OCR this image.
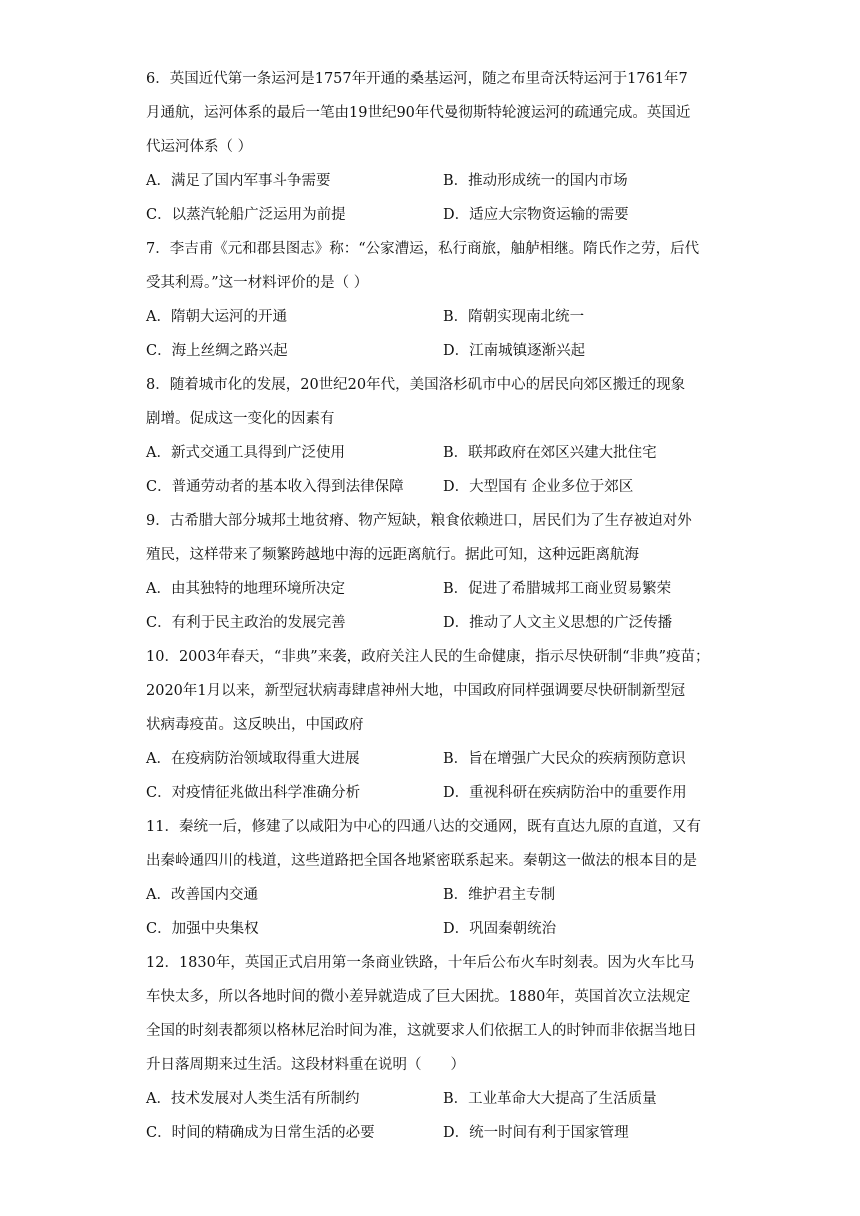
6．英国近代第一条运河是1757年开通的桑基运河，随之布里奇沃特运河于1761年7
月通航，运河体系的最后一笔由19世纪90年代曼彻斯特轮渡运河的疏通完成。英国近
代运河体系（ ）
A．满足了国内军事斗争需要	B．推动形成统一的国内市场
C．以蒸汽轮船广泛运用为前提	D．适应大宗物资运输的需要
7．李吉甫《元和郡县图志》称：“公家漕运，私行商旅，舳舻相继。隋氏作之劳，后代
受其利焉。”这一材料评价的是（ ）
A．隋朝大运河的开通	B．隋朝实现南北统一
C．海上丝绸之路兴起	D．江南城镇逐渐兴起
8．随着城市化的发展，20世纪20年代，美国洛杉矶市中心的居民向郊区搬迁的现象
剧增。促成这一变化的因素有
A．新式交通工具得到广泛使用	B．联邦政府在郊区兴建大批住宅
C．普通劳动者的基本收入得到法律保障	D．大型国有 企业多位于郊区
9．古希腊大部分城邦土地贫瘠、物产短缺，粮食依赖进口，居民们为了生存被迫对外
殖民，这样带来了频繁跨越地中海的远距离航行。据此可知，这种远距离航海
A．由其独特的地理环境所决定	B．促进了希腊城邦工商业贸易繁荣
C．有利于民主政治的发展完善	D．推动了人文主义思想的广泛传播
10．2003年春天，“非典”来袭，政府关注人民的生命健康，指示尽快研制“非典”疫苗；
2020年1月以来，新型冠状病毒肆虐神州大地，中国政府同样强调要尽快研制新型冠
状病毒疫苗。这反映出，中国政府
A．在疫病防治领域取得重大进展	B．旨在增强广大民众的疾病预防意识
C．对疫情征兆做出科学准确分析	D．重视科研在疾病防治中的重要作用
11．秦统一后，修建了以咸阳为中心的四通八达的交通网，既有直达九原的直道，又有
出秦岭通四川的栈道，这些道路把全国各地紧密联系起来。秦朝这一做法的根本目的是
A．改善国内交通	B．维护君主专制
C．加强中央集权	D．巩固秦朝统治
12．1830年，英国正式启用第一条商业铁路，十年后公布火车时刻表。因为火车比马
车快太多，所以各地时间的微小差异就造成了巨大困扰。1880年，英国首次立法规定
全国的时刻表都须以格林尼治时间为准，这就要求人们依据工人的时钟而非依据当地日
升日落周期来过生活。这段材料重在说明（　　）
A．技术发展对人类生活有所制约	B．工业革命大大提高了生活质量
C．时间的精确成为日常生活的必要	D．统一时间有利于国家管理
